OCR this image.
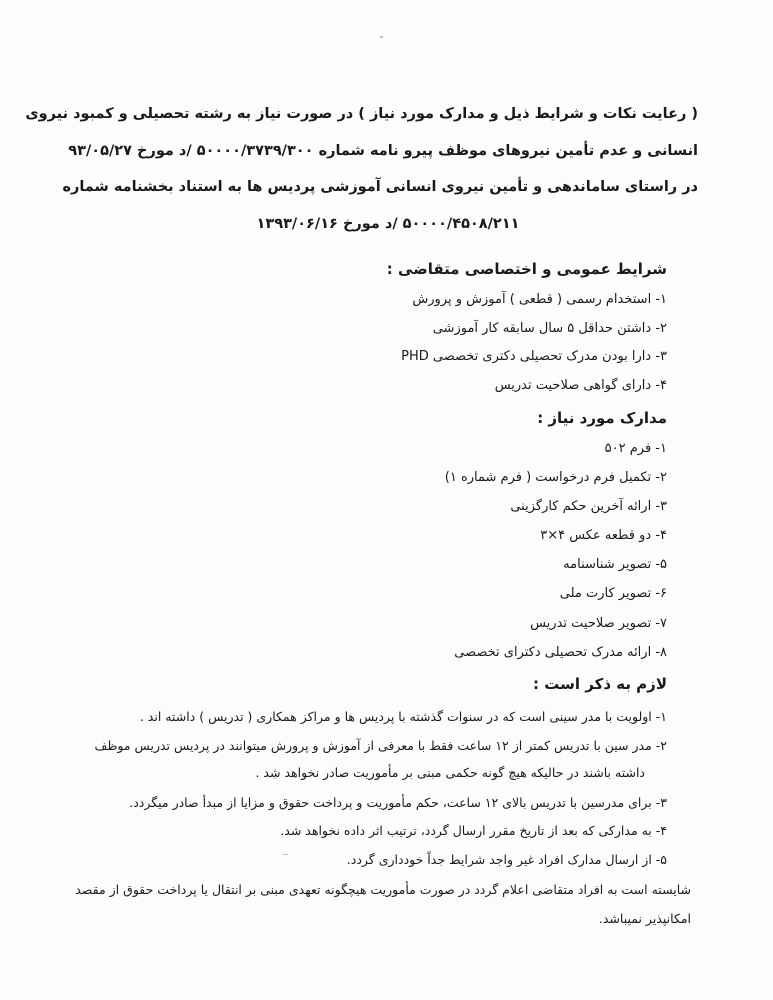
( رعایت نکات و شرایط ذیل و مدارک مورد نیاز ) در صورت نیاز به رشته تحصیلی و کمبود نیروی
انسانی و عدم تأمین نیروهای موظف پیرو نامه شماره ۵۰۰۰۰/۳۷۳۹/۳۰۰ /د مورخ ۹۳/۰۵/۲۷
در راستای ساماندهی و تأمین نیروی انسانی آموزشی پردیس ها به استناد بخشنامه شماره
۵۰۰۰۰/۴۵۰۸/۲۱۱ /د مورخ ۱۳۹۳/۰۶/۱۶
شرایط عمومی و اختصاصی متقاضی :
۱- استخدام رسمی ( قطعی ) آموزش و پرورش
۲- داشتن حداقل ۵ سال سابقه کار آموزشی
۳- دارا بودن مدرک تحصیلی دکتری تخصصی PHD
۴- دارای گواهی صلاحیت تدریس
مدارک مورد نیاز :
۱- فرم ۵۰۲
۲- تکمیل فرم درخواست ( فرم شماره ۱)
۳- ارائه آخرین حکم کارگزینی
۴- دو قطعه عکس ۴×۳
۵- تصویر شناسنامه
۶- تصویر کارت ملی
۷- تصویر صلاحیت تدریس
۸- ارائه مدرک تحصیلی دکترای تخصصی
لازم به ذکر است :
۱- اولویت با مدر سینی است که در سنوات گذشته با پردیس ها و مراکز همکاری ( تدریس ) داشته اند .
۲- مدر سین با تدریس کمتر از ۱۲ ساعت فقط با معرفی از آموزش و پرورش میتوانند در پردیس تدریس موظف
داشته باشند در حالیکه هیچ گونه حکمی مبنی بر مأموریت صادر نخواهد شد .
۳- برای مدرسین با تدریس بالای ۱۲ ساعت، حکم مأموریت و پرداخت حقوق و مزایا از مبدأ صادر میگردد.
۴- به مدارکی که بعد از تاریخ مقرر ارسال گردد، ترتیب اثر داده نخواهد شد.
۵- از ارسال مدارک افراد غیر واجد شرایط جداً خودداری گردد.
شایسته است به افراد متقاضی اعلام گردد در صورت مأموریت هیچگونه تعهدی مبنی بر انتقال یا پرداخت حقوق از مقصد
امکانپذیر نمیباشد.
